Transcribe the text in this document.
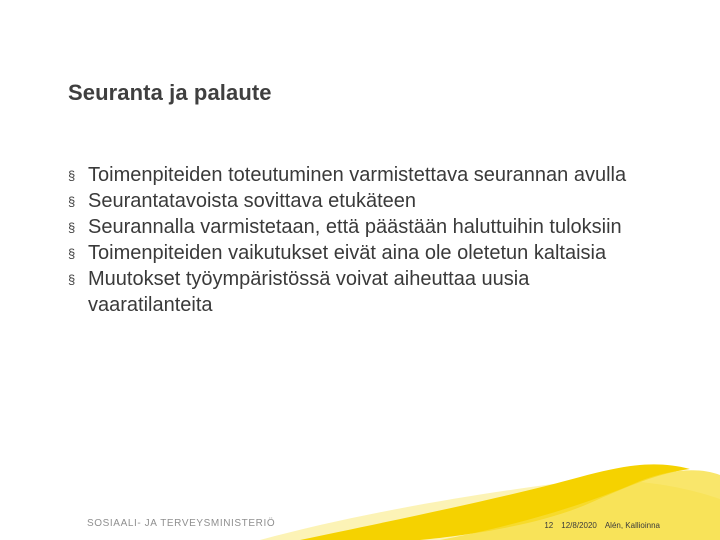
Seuranta ja palaute
§ Toimenpiteiden toteutuminen varmistettava seurannan avulla
§ Seurantatavoista sovittava etukäteen
§ Seurannalla varmistetaan, että päästään haluttuihin tuloksiin
§ Toimenpiteiden vaikutukset eivät aina ole oletetun kaltaisia
§ Muutokset työympäristössä voivat aiheuttaa uusia vaaratilanteita
SOSIAALI- JA TERVEYSMINISTERIÖ	12 12/8/2020 Alén, Kallioinna
